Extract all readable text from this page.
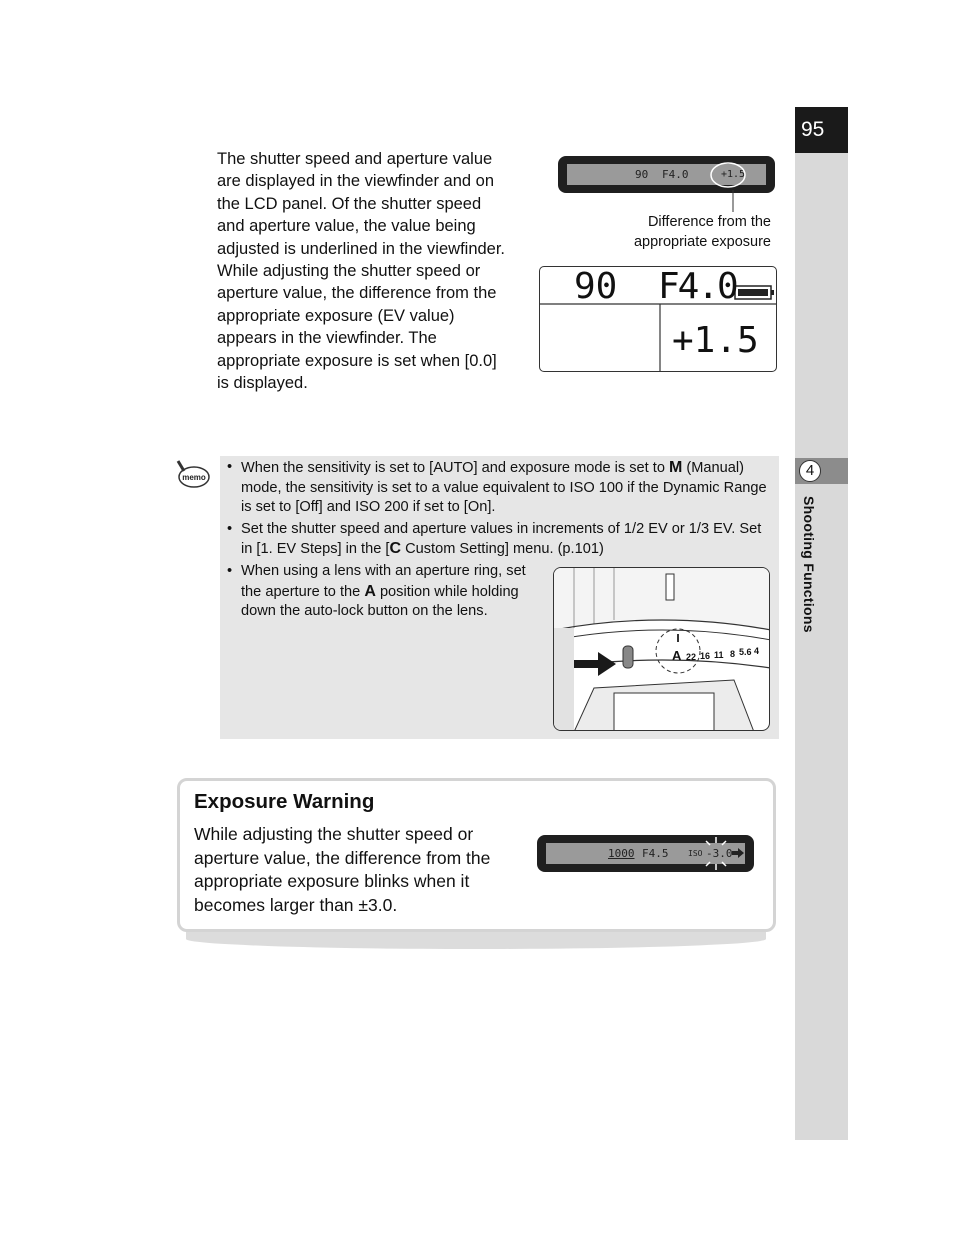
95
4
Shooting Functions
The shutter speed and aperture value are displayed in the viewfinder and on the LCD panel. Of the shutter speed and aperture value, the value being adjusted is underlined in the viewfinder. While adjusting the shutter speed or aperture value, the difference from the appropriate exposure (EV value) appears in the viewfinder. The appropriate exposure is set when [0.0] is displayed.
90 F4.0	+1.5
Difference from the appropriate exposure
90 F4.0
+1.5
memo
• When the sensitivity is set to [AUTO] and exposure mode is set to M (Manual) mode, the sensitivity is set to a value equivalent to ISO 100 if the Dynamic Range is set to [Off] and ISO 200 if set to [On].
• Set the shutter speed and aperture values in increments of 1/2 EV or 1/3 EV. Set in [1. EV Steps] in the [C Custom Setting] menu. (p.101)
• When using a lens with an aperture ring, set the aperture to the A position while holding down the auto-lock button on the lens.
A 22 16 11 8 5.6 4
Exposure Warning
While adjusting the shutter speed or aperture value, the difference from the appropriate exposure blinks when it becomes larger than ±3.0.
1000 F4.5 ISO -3.0
